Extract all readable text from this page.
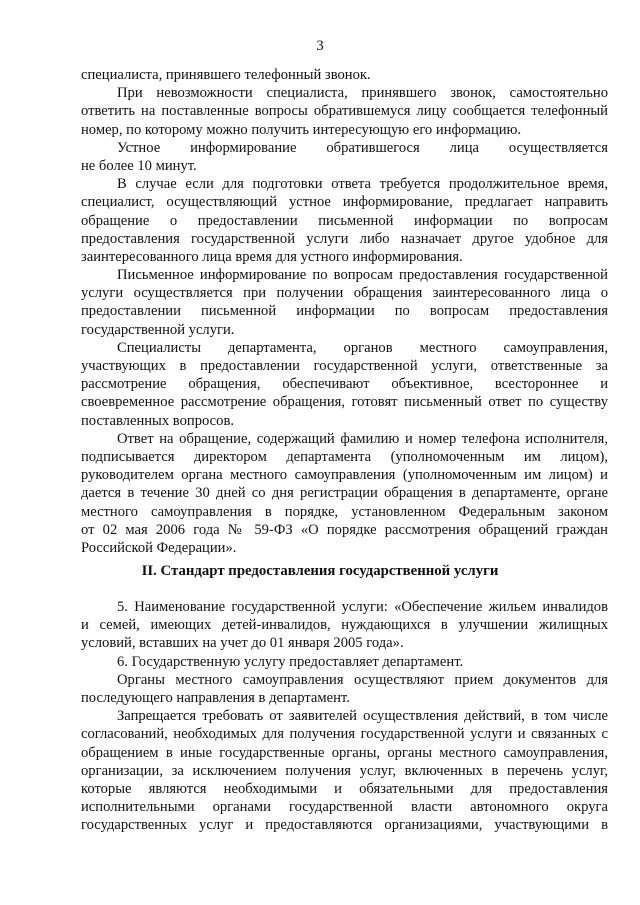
3
специалиста, принявшего телефонный звонок.
При невозможности специалиста, принявшего звонок, самостоятельно
ответить на поставленные вопросы обратившемуся лицу сообщается телефонный
номер, по которому можно получить интересующую его информацию.
Устное информирование обратившегося лица осуществляется
не более 10 минут.
В случае если для подготовки ответа требуется продолжительное время,
специалист, осуществляющий устное информирование, предлагает направить
обращение о предоставлении письменной информации по вопросам
предоставления государственной услуги либо назначает другое удобное для
заинтересованного лица время для устного информирования.
Письменное информирование по вопросам предоставления государственной
услуги осуществляется при получении обращения заинтересованного лица о
предоставлении письменной информации по вопросам предоставления
государственной услуги.
Специалисты департамента, органов местного самоуправления,
участвующих в предоставлении государственной услуги, ответственные за
рассмотрение обращения, обеспечивают объективное, всестороннее и
своевременное рассмотрение обращения, готовят письменный ответ по существу
поставленных вопросов.
Ответ на обращение, содержащий фамилию и номер телефона исполнителя,
подписывается директором департамента (уполномоченным им лицом),
руководителем органа местного самоуправления (уполномоченным им лицом) и
дается в течение 30 дней со дня регистрации обращения в департаменте, органе
местного самоуправления в порядке, установленном Федеральным законом
от 02 мая 2006 года № 59-ФЗ «О порядке рассмотрения обращений граждан
Российской Федерации».
II. Стандарт предоставления государственной услуги
5. Наименование государственной услуги: «Обеспечение жильем инвалидов
и семей, имеющих детей-инвалидов, нуждающихся в улучшении жилищных
условий, вставших на учет до 01 января 2005 года».
6. Государственную услугу предоставляет департамент.
Органы местного самоуправления осуществляют прием документов для
последующего направления в департамент.
Запрещается требовать от заявителей осуществления действий, в том числе
согласований, необходимых для получения государственной услуги и связанных с
обращением в иные государственные органы, органы местного самоуправления,
организации, за исключением получения услуг, включенных в перечень услуг,
которые являются необходимыми и обязательными для предоставления
исполнительными органами государственной власти автономного округа
государственных услуг и предоставляются организациями, участвующими в
